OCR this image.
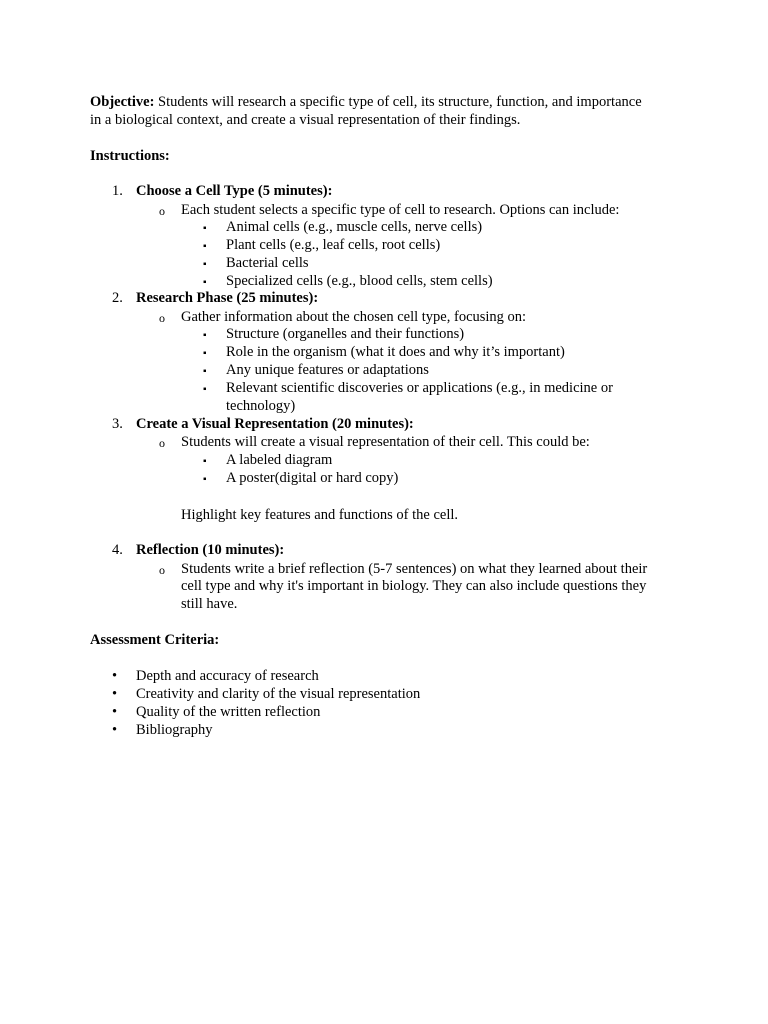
Objective: Students will research a specific type of cell, its structure, function, and importance
in a biological context, and create a visual representation of their findings.
Instructions:
1. Choose a Cell Type (5 minutes):
o Each student selects a specific type of cell to research. Options can include:
▪ Animal cells (e.g., muscle cells, nerve cells)
▪ Plant cells (e.g., leaf cells, root cells)
▪ Bacterial cells
▪ Specialized cells (e.g., blood cells, stem cells)
2. Research Phase (25 minutes):
o Gather information about the chosen cell type, focusing on:
▪ Structure (organelles and their functions)
▪ Role in the organism (what it does and why it’s important)
▪ Any unique features or adaptations
▪ Relevant scientific discoveries or applications (e.g., in medicine or
technology)
3. Create a Visual Representation (20 minutes):
o Students will create a visual representation of their cell. This could be:
▪ A labeled diagram
▪ A poster(digital or hard copy)
Highlight key features and functions of the cell.
4. Reflection (10 minutes):
o Students write a brief reflection (5-7 sentences) on what they learned about their
cell type and why it's important in biology. They can also include questions they
still have.
Assessment Criteria:
• Depth and accuracy of research
• Creativity and clarity of the visual representation
• Quality of the written reflection
• Bibliography
